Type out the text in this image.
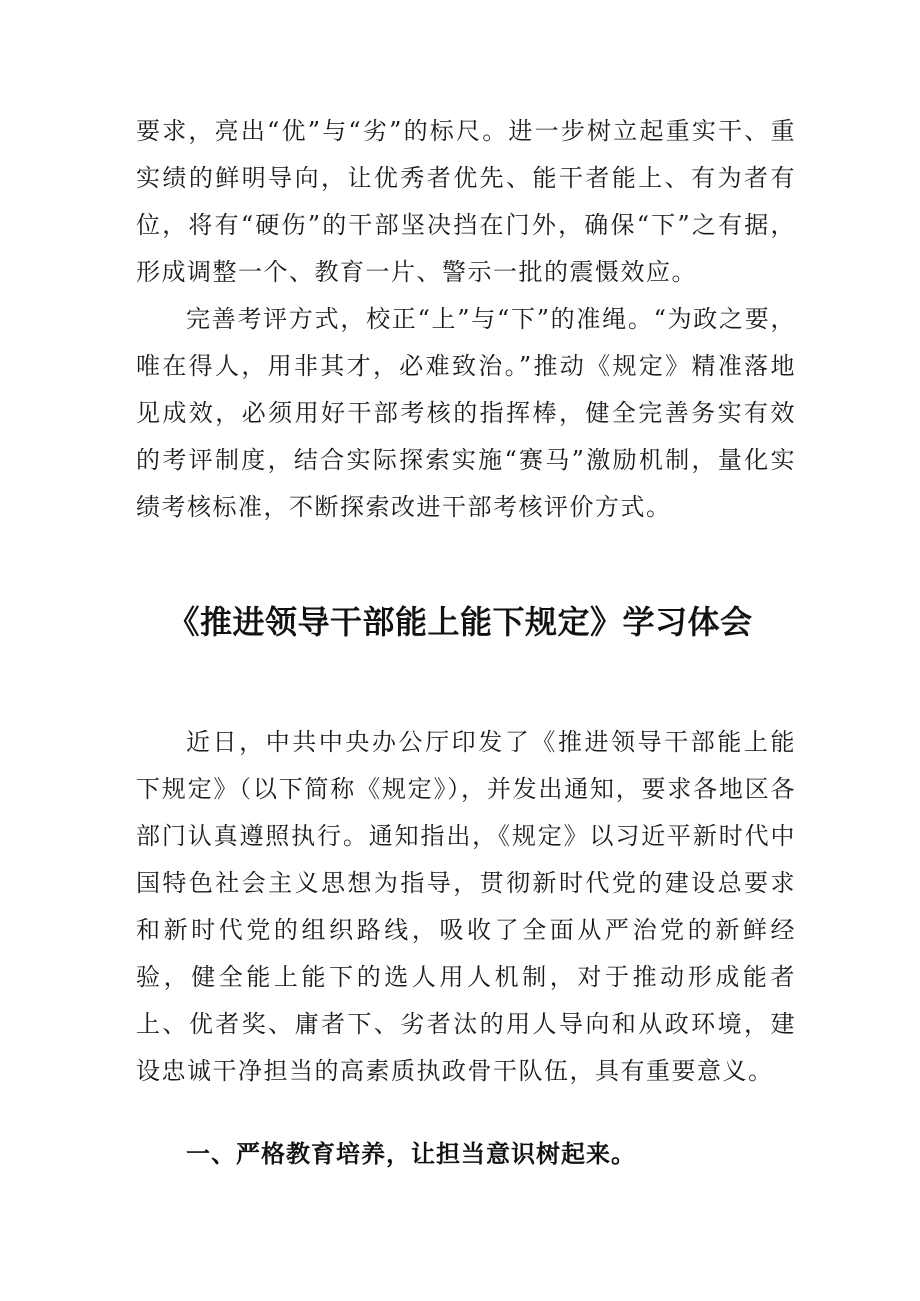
要求，亮出“优”与“劣”的标尺。进一步树立起重实干、重实绩的鲜明导向，让优秀者优先、能干者能上、有为者有位，将有“硬伤”的干部坚决挡在门外，确保“下”之有据，形成调整一个、教育一片、警示一批的震慑效应。

完善考评方式，校正“上”与“下”的准绳。“为政之要，唯在得人，用非其才，必难致治。”推动《规定》精准落地见成效，必须用好干部考核的指挥棒，健全完善务实有效的考评制度，结合实际探索实施“赛马”激励机制，量化实绩考核标准，不断探索改进干部考核评价方式。

《推进领导干部能上能下规定》学习体会

近日，中共中央办公厅印发了《推进领导干部能上能下规定》（以下简称《规定》），并发出通知，要求各地区各部门认真遵照执行。通知指出，《规定》以习近平新时代中国特色社会主义思想为指导，贯彻新时代党的建设总要求和新时代党的组织路线，吸收了全面从严治党的新鲜经验，健全能上能下的选人用人机制，对于推动形成能者上、优者奖、庸者下、劣者汰的用人导向和从政环境，建设忠诚干净担当的高素质执政骨干队伍，具有重要意义。

一、严格教育培养，让担当意识树起来。
